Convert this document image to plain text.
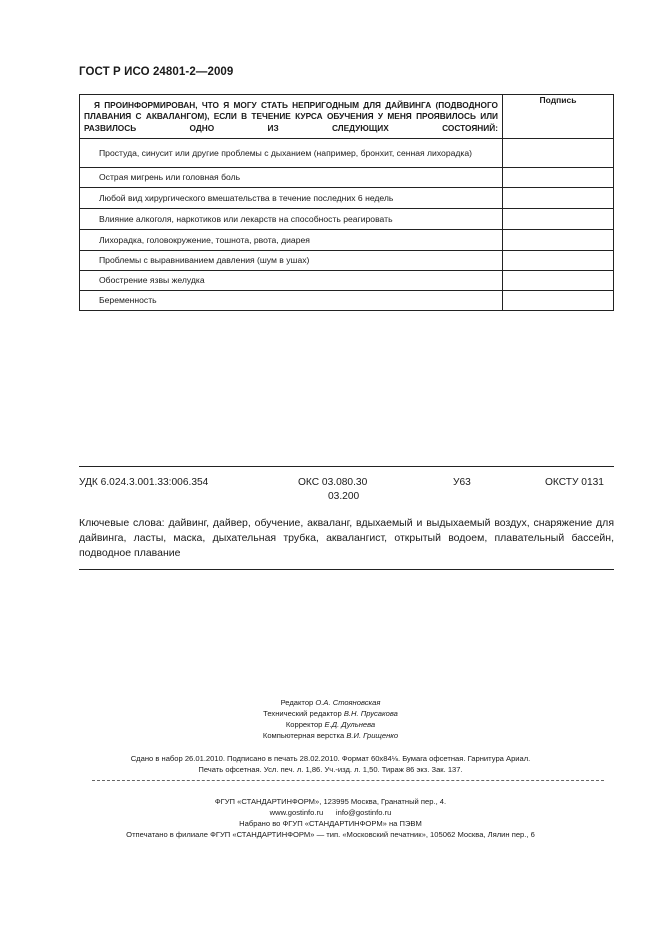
ГОСТ Р ИСО 24801-2—2009
Я ПРОИНФОРМИРОВАН, ЧТО Я МОГУ СТАТЬ НЕПРИГОДНЫМ ДЛЯ ДАЙВИНГА (ПОДВОДНОГО ПЛАВАНИЯ С АКВАЛАНГОМ), ЕСЛИ В ТЕЧЕНИЕ КУРСА ОБУЧЕНИЯ У МЕНЯ ПРОЯВИЛОСЬ ИЛИ РАЗВИЛОСЬ ОДНО ИЗ СЛЕДУЮЩИХ СОСТОЯНИЙ:	Подпись
Простуда, синусит или другие проблемы с дыханием (например, бронхит, сенная лихорадка)	
Острая мигрень или головная боль	
Любой вид хирургического вмешательства в течение последних 6 недель	
Влияние алкоголя, наркотиков или лекарств на способность реагировать	
Лихорадка, головокружение, тошнота, рвота, диарея	
Проблемы с выравниванием давления (шум в ушах)	
Обострение язвы желудка	
Беременность	
УДК 6.024.3.001.33:006.354	ОКС 03.080.30
03.200
У63	ОКСТУ 0131
Ключевые слова: дайвинг, дайвер, обучение, акваланг, вдыхаемый и выдыхаемый воздух, снаряжение для дайвинга, ласты, маска, дыхательная трубка, аквалангист, открытый водоем, плавательный бассейн, подводное плавание
Редактор О.А. Стояновская
Технический редактор В.Н. Прусакова
Корректор Е.Д. Дульнева
Компьютерная верстка В.И. Грищенко
Сдано в набор 26.01.2010. Подписано в печать 28.02.2010. Формат 60х84⅛. Бумага офсетная. Гарнитура Ариал.
Печать офсетная. Усл. печ. л. 1,86. Уч.-изд. л. 1,50. Тираж 86 экз. Зак. 137.
ФГУП «СТАНДАРТИНФОРМ», 123995 Москва, Гранатный пер., 4.
www.gostinfo.ru      info@gostinfo.ru
Набрано во ФГУП «СТАНДАРТИНФОРМ» на ПЭВМ
Отпечатано в филиале ФГУП «СТАНДАРТИНФОРМ» — тип. «Московский печатник», 105062 Москва, Лялин пер., 6
